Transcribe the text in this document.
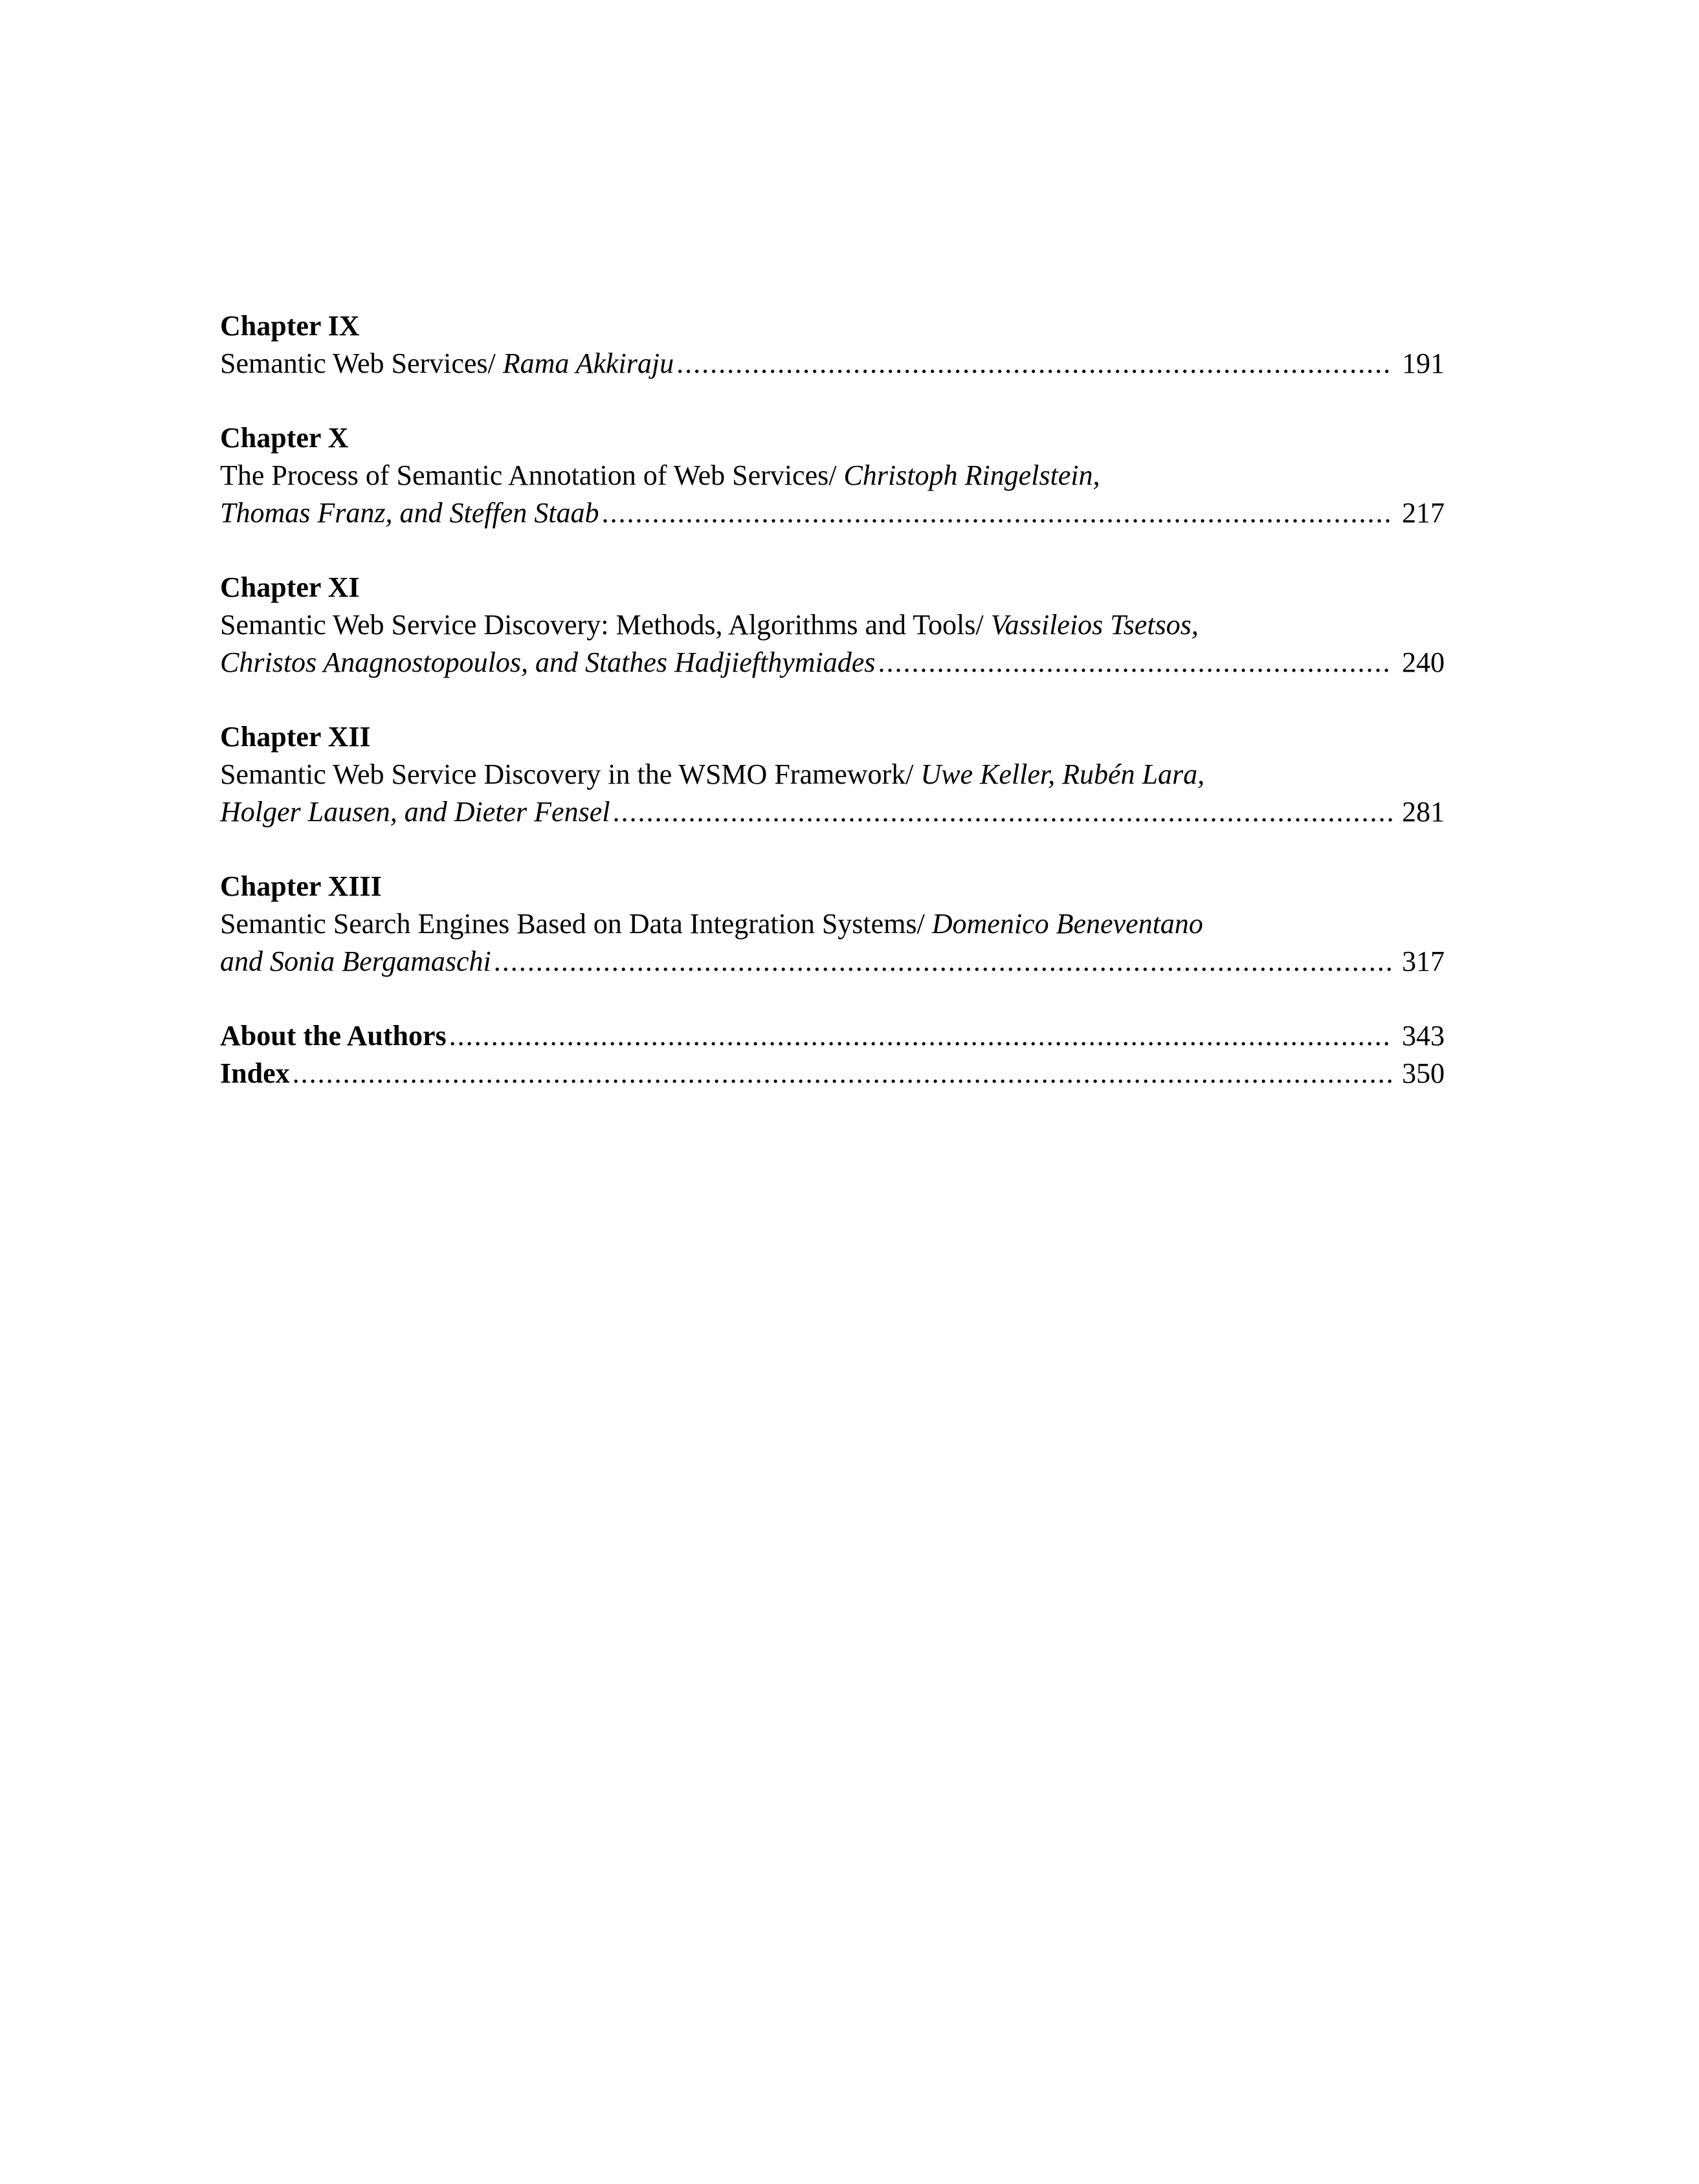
Chapter IX
Semantic Web Services/ Rama Akkiraju .....	191
Chapter X
The Process of Semantic Annotation of Web Services/ Christoph Ringelstein,
Thomas Franz, and Steffen Staab .....	217
Chapter XI
Semantic Web Service Discovery: Methods, Algorithms and Tools/ Vassileios Tsetsos,
Christos Anagnostopoulos, and Stathes Hadjiefthymiades .....	240
Chapter XII
Semantic Web Service Discovery in the WSMO Framework/ Uwe Keller, Rubén Lara,
Holger Lausen, and Dieter Fensel .....	281
Chapter XIII
Semantic Search Engines Based on Data Integration Systems/ Domenico Beneventano
and Sonia Bergamaschi .....	317
About the Authors .....	343
Index .....	350
